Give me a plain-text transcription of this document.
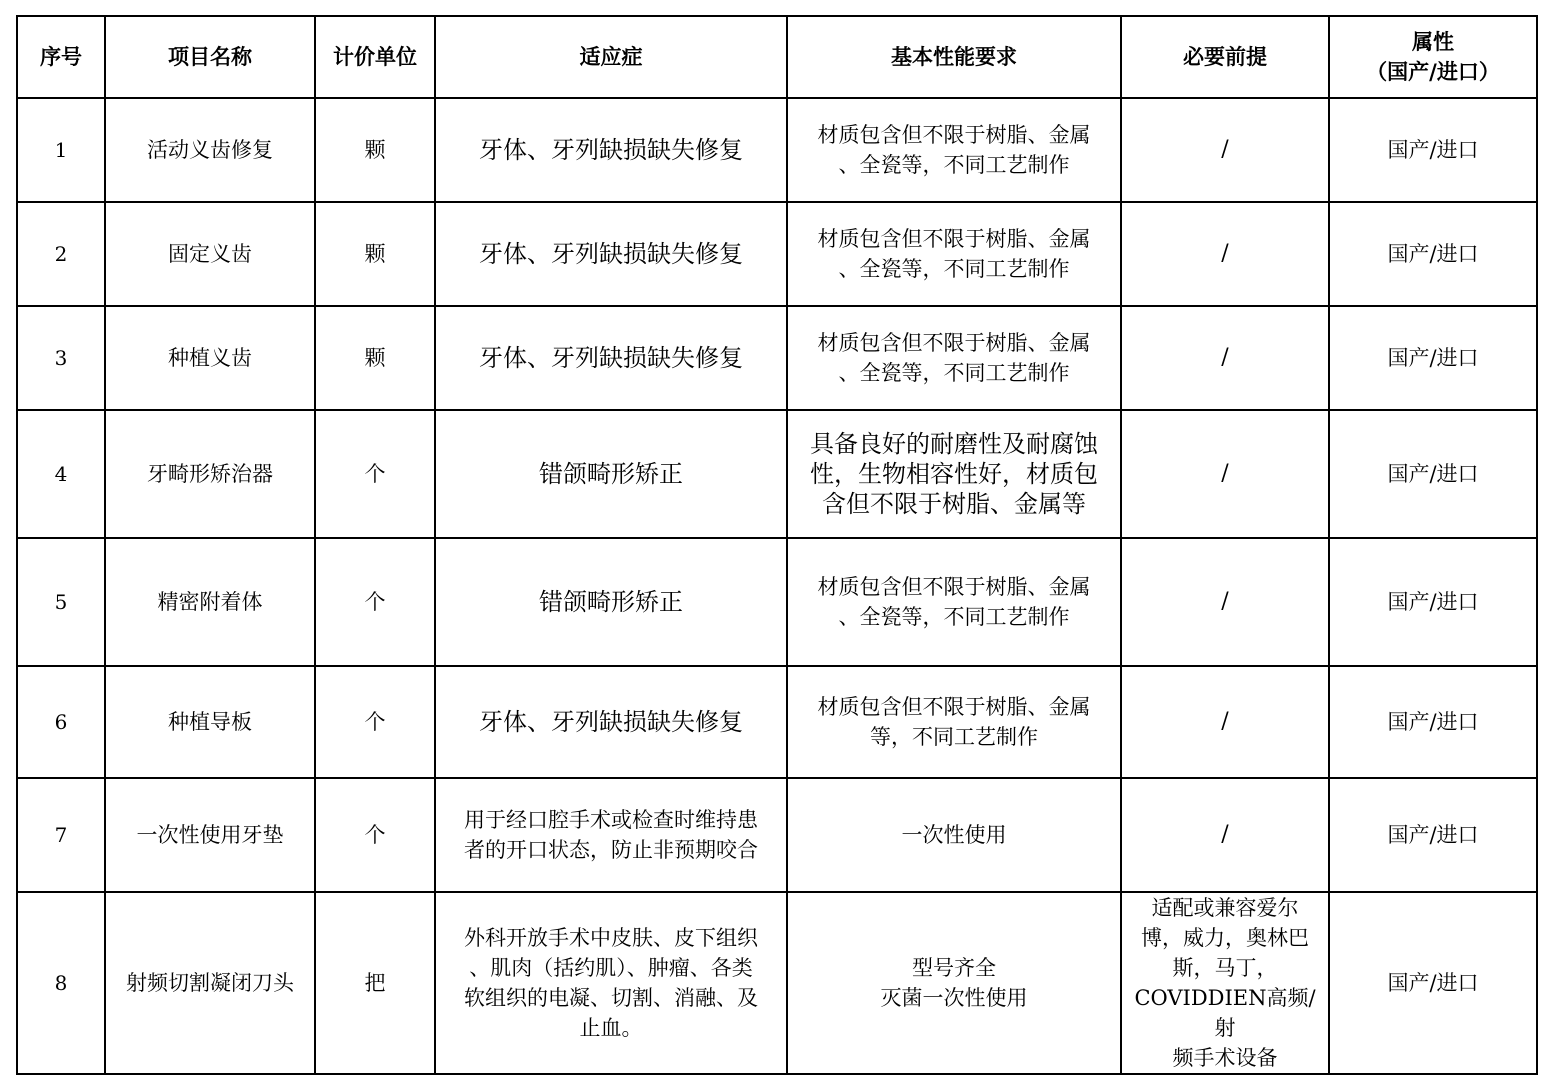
序号	项目名称	计价单位	适应症	基本性能要求	必要前提	属性
（国产/进口）

1	活动义齿修复	颗	牙体、牙列缺损缺失修复	材质包含但不限于树脂、金属
、全瓷等，不同工艺制作	/	国产/进口
2	固定义齿	颗	牙体、牙列缺损缺失修复	材质包含但不限于树脂、金属
、全瓷等，不同工艺制作	/	国产/进口
3	种植义齿	颗	牙体、牙列缺损缺失修复	材质包含但不限于树脂、金属
、全瓷等，不同工艺制作	/	国产/进口
4	牙畸形矫治器	个	错颌畸形矫正	具备良好的耐磨性及耐腐蚀
性，生物相容性好，材质包
含但不限于树脂、金属等	/	国产/进口
5	精密附着体	个	错颌畸形矫正	材质包含但不限于树脂、金属
、全瓷等，不同工艺制作	/	国产/进口
6	种植导板	个	牙体、牙列缺损缺失修复	材质包含但不限于树脂、金属
等，不同工艺制作	/	国产/进口
7	一次性使用牙垫	个	用于经口腔手术或检查时维持患
者的开口状态，防止非预期咬合	一次性使用	/	国产/进口
8	射频切割凝闭刀头	把	外科开放手术中皮肤、皮下组织
、肌肉（括约肌）、肿瘤、各类
软组织的电凝、切割、消融、及
止血。	型号齐全
灭菌一次性使用	适配或兼容爱尔
博，威力，奥林巴
斯，马丁，
COVIDDIEN高频/射
频手术设备	国产/进口
